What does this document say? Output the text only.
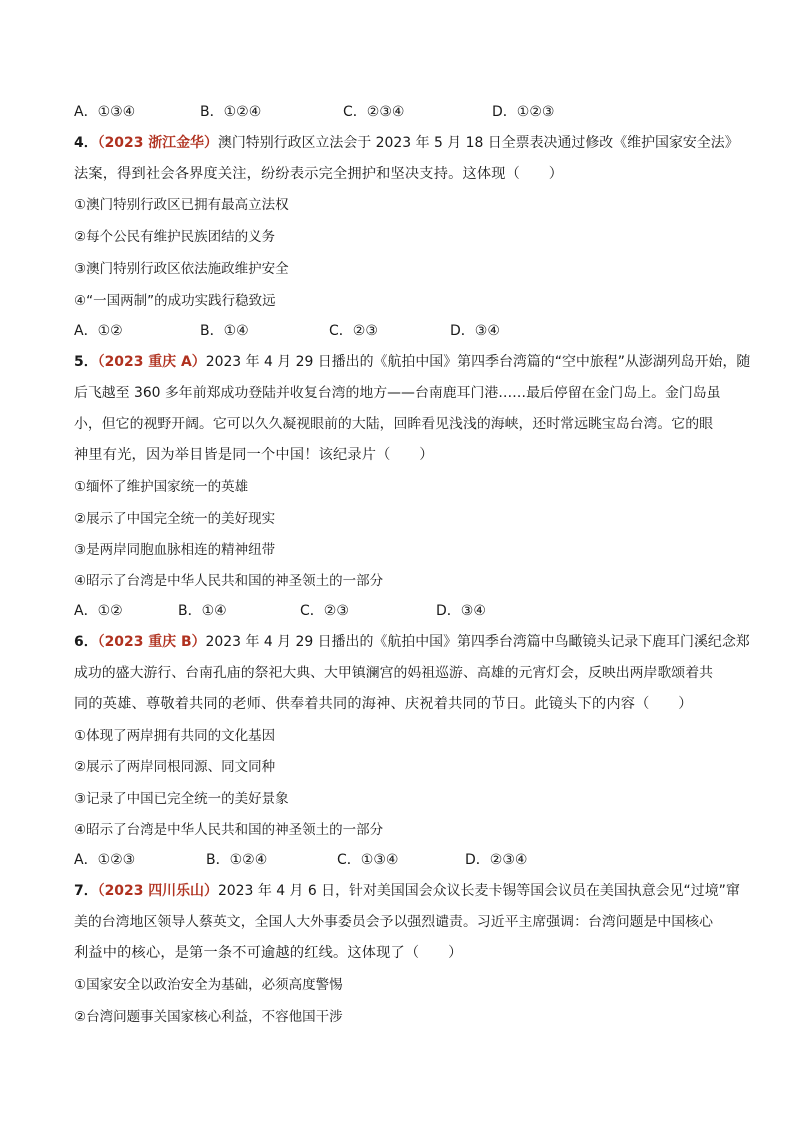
A．①③④	B．①②④	C．②③④	D．①②③
4．（2023 浙江金华）澳门特别行政区立法会于 2023 年 5 月 18 日全票表决通过修改《维护国家安全法》
法案，得到社会各界度关注，纷纷表示完全拥护和坚决支持。这体现（　　）
①澳门特别行政区已拥有最高立法权
②每个公民有维护民族团结的义务
③澳门特别行政区依法施政维护安全
④“一国两制”的成功实践行稳致远
A．①②	B．①④	C．②③	D．③④
5．（2023 重庆 A）2023 年 4 月 29 日播出的《航拍中国》第四季台湾篇的“空中旅程”从澎湖列岛开始，随
后飞越至 360 多年前郑成功登陆并收复台湾的地方——台南鹿耳门港……最后停留在金门岛上。金门岛虽
小，但它的视野开阔。它可以久久凝视眼前的大陆，回眸看见浅浅的海峡，还时常远眺宝岛台湾。它的眼
神里有光，因为举目皆是同一个中国！该纪录片（　　）
①缅怀了维护国家统一的英雄
②展示了中国完全统一的美好现实
③是两岸同胞血脉相连的精神纽带
④昭示了台湾是中华人民共和国的神圣领土的一部分
A．①②	B．①④	C．②③	D．③④
6．（2023 重庆 B）2023 年 4 月 29 日播出的《航拍中国》第四季台湾篇中鸟瞰镜头记录下鹿耳门溪纪念郑
成功的盛大游行、台南孔庙的祭祀大典、大甲镇澜宫的妈祖巡游、高雄的元宵灯会，反映出两岸歌颂着共
同的英雄、尊敬着共同的老师、供奉着共同的海神、庆祝着共同的节日。此镜头下的内容（　　）
①体现了两岸拥有共同的文化基因
②展示了两岸同根同源、同文同种
③记录了中国已完全统一的美好景象
④昭示了台湾是中华人民共和国的神圣领土的一部分
A．①②③	B．①②④	C．①③④	D．②③④
7．（2023 四川乐山）2023 年 4 月 6 日，针对美国国会众议长麦卡锡等国会议员在美国执意会见“过境”窜
美的台湾地区领导人蔡英文，全国人大外事委员会予以强烈谴责。习近平主席强调：台湾问题是中国核心
利益中的核心，是第一条不可逾越的红线。这体现了（　　）
①国家安全以政治安全为基础，必须高度警惕
②台湾问题事关国家核心利益，不容他国干涉
